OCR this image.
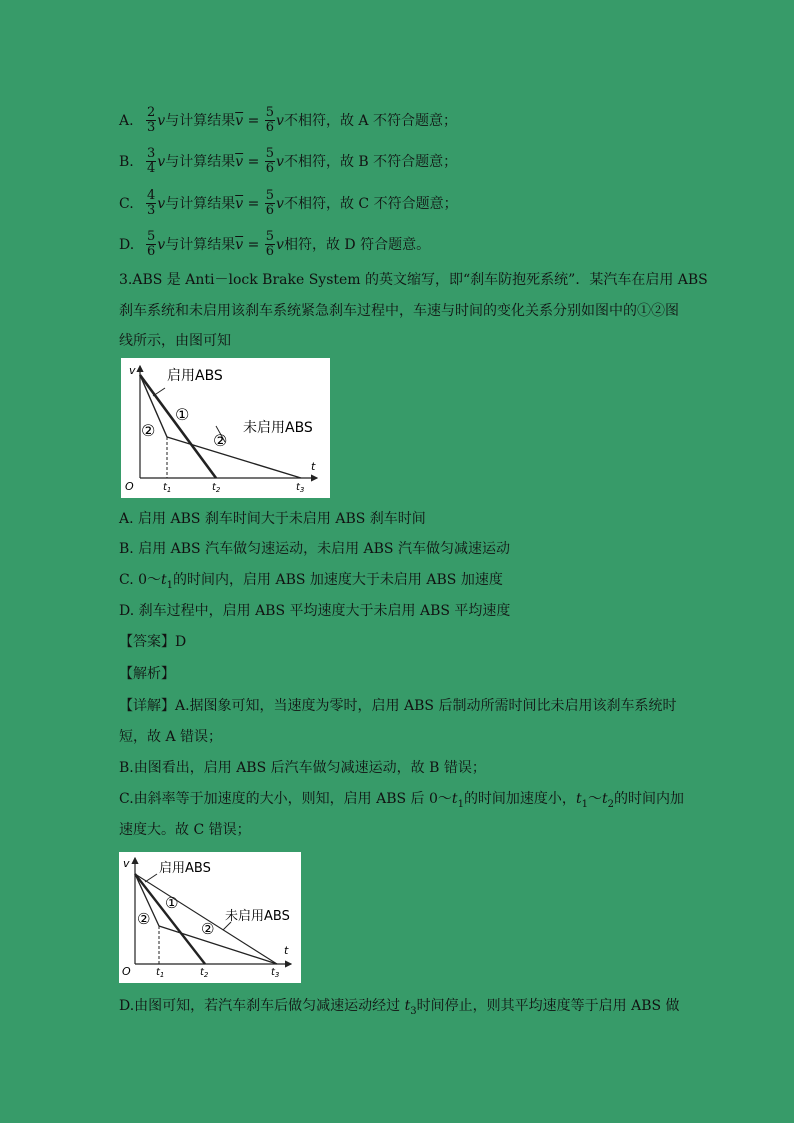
A. $\frac{2}{3}$ v 与计算结果 $\overline{v}$
=
$\frac{5}{6}$ v 不相符，故 A 不符合题意；
B. $\frac{3}{4}$ v 与计算结果 $\overline{v}$
=
$\frac{5}{6}$ v 不相符，故 B 不符合题意；
C. $\frac{4}{3}$ v 与计算结果 $\overline{v}$
=
$\frac{5}{6}$ v 不相符，故 C 不符合题意；
D. $\frac{5}{6}$ v 与计算结果 $\overline{v}$
=
$\frac{5}{6}$ v 相符，故 D 符合题意。
3.ABS 是 Anti－lock Brake System 的英文缩写，即“刹车防抱死系统”．某汽车在启用 ABS
刹车系统和未启用该刹车系统紧急刹车过程中，车速与时间的变化关系分别如图中的①②图
线所示，由图可知
v
t
O
启用ABS
未启用ABS
①
②
②
$t_1$	$t_2$	$t_3$
A. 启用 ABS 刹车时间大于未启用 ABS 刹车时间
B. 启用 ABS 汽车做匀速运动，未启用 ABS 汽车做匀减速运动
C. $0\sim t_1$的时间内，启用 ABS 加速度大于未启用 ABS 加速度
D. 刹车过程中，启用 ABS 平均速度大于未启用 ABS 平均速度
【答案】D
【解析】
【详解】A.据图象可知，当速度为零时，启用 ABS 后制动所需时间比未启用该刹车系统时
短，故 A 错误；
B.由图看出，启用 ABS 后汽车做匀减速运动，故 B 错误；
C.由斜率等于加速度的大小，则知，启用 ABS 后 $0\sim t_1$的时间加速度小，$t_1\sim t_2$的时间内加
速度大。故 C 错误；
v
t
O
启用ABS
未启用ABS
①
②
②
$t_1$	$t_2$	$t_3$
D.由图可知，若汽车刹车后做匀减速运动经过 $t_3$时间停止，则其平均速度等于启用 ABS 做
